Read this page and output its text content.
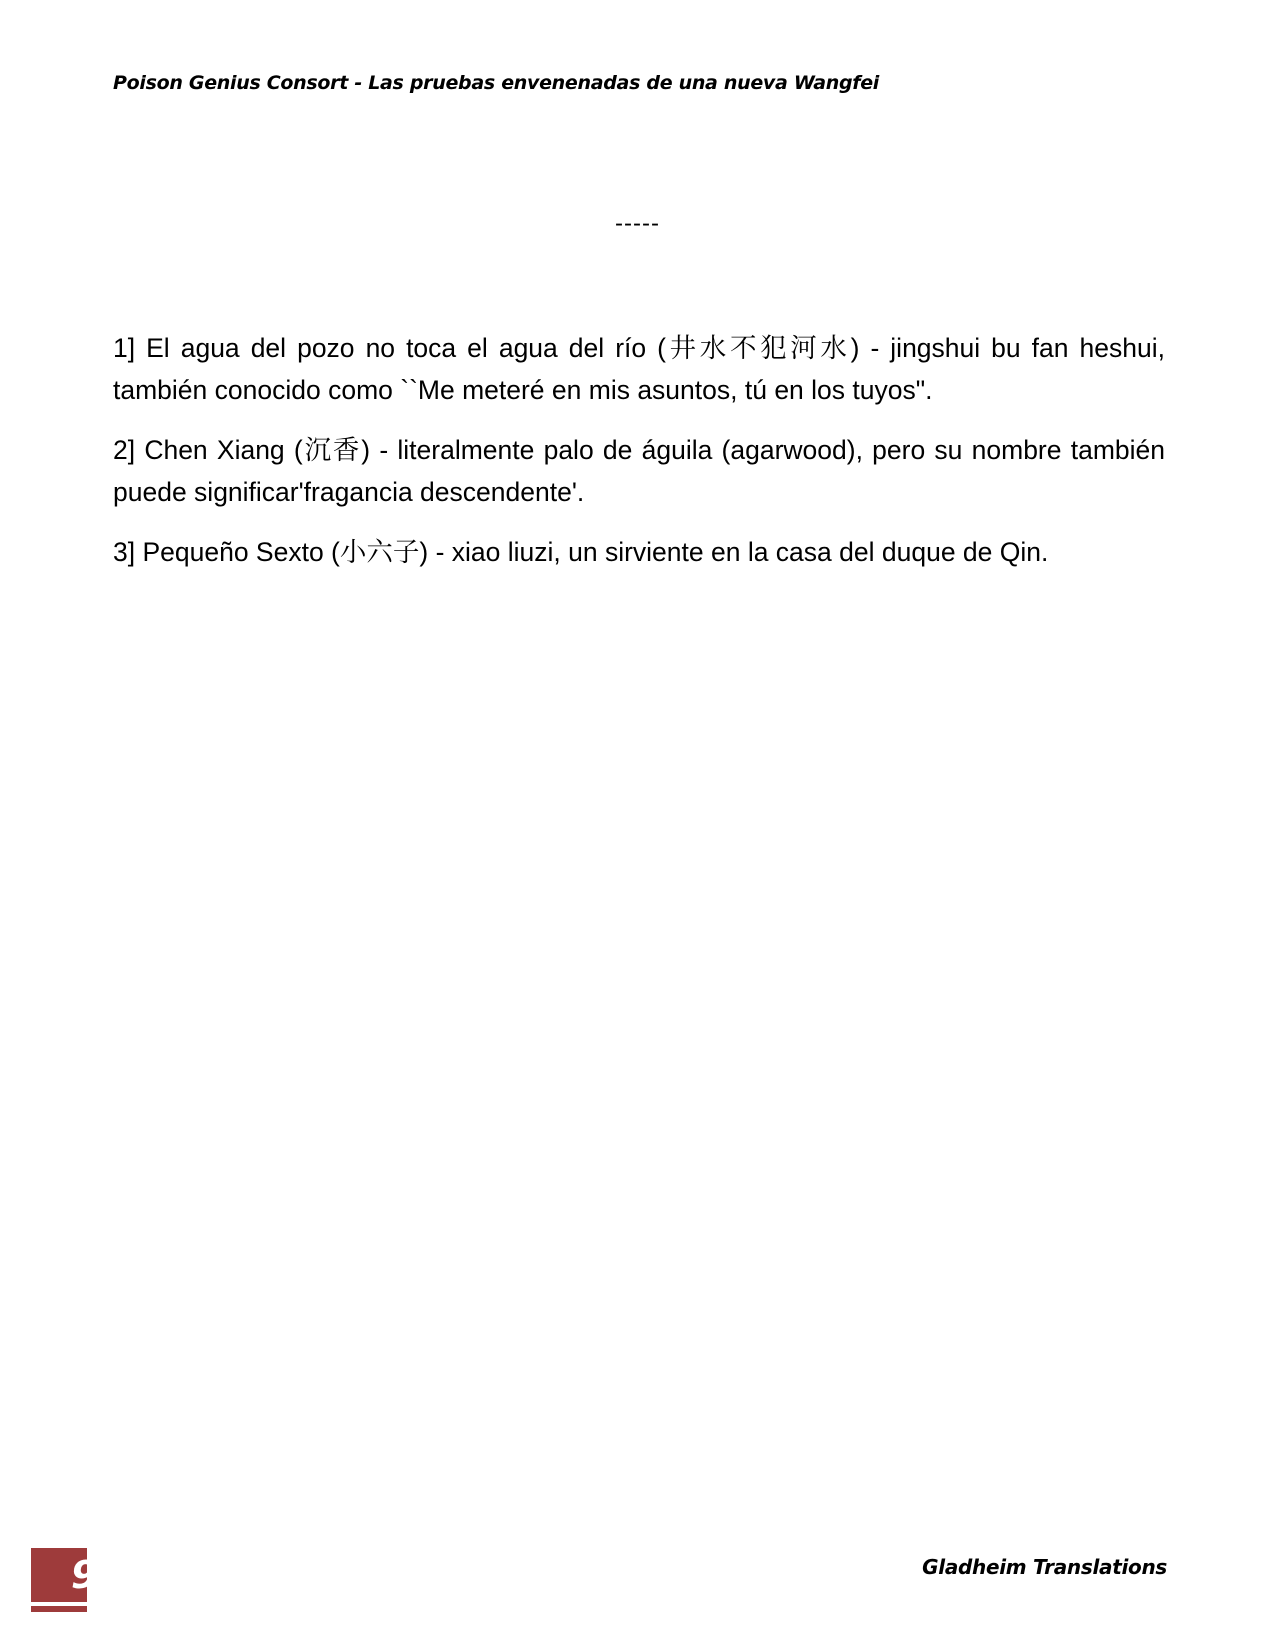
Poison Genius Consort - Las pruebas envenenadas de una nueva Wangfei
-----

1] El agua del pozo no toca el agua del río (井水不犯河水) - jingshui bu fan heshui, también conocido como ``Me meteré en mis asuntos, tú en los tuyos".

2] Chen Xiang (沉香) - literalmente palo de águila (agarwood), pero su nombre también puede significar'fragancia descendente'.

3] Pequeño Sexto (小六子) - xiao liuzi, un sirviente en la casa del duque de Qin.

9	Gladheim Translations
